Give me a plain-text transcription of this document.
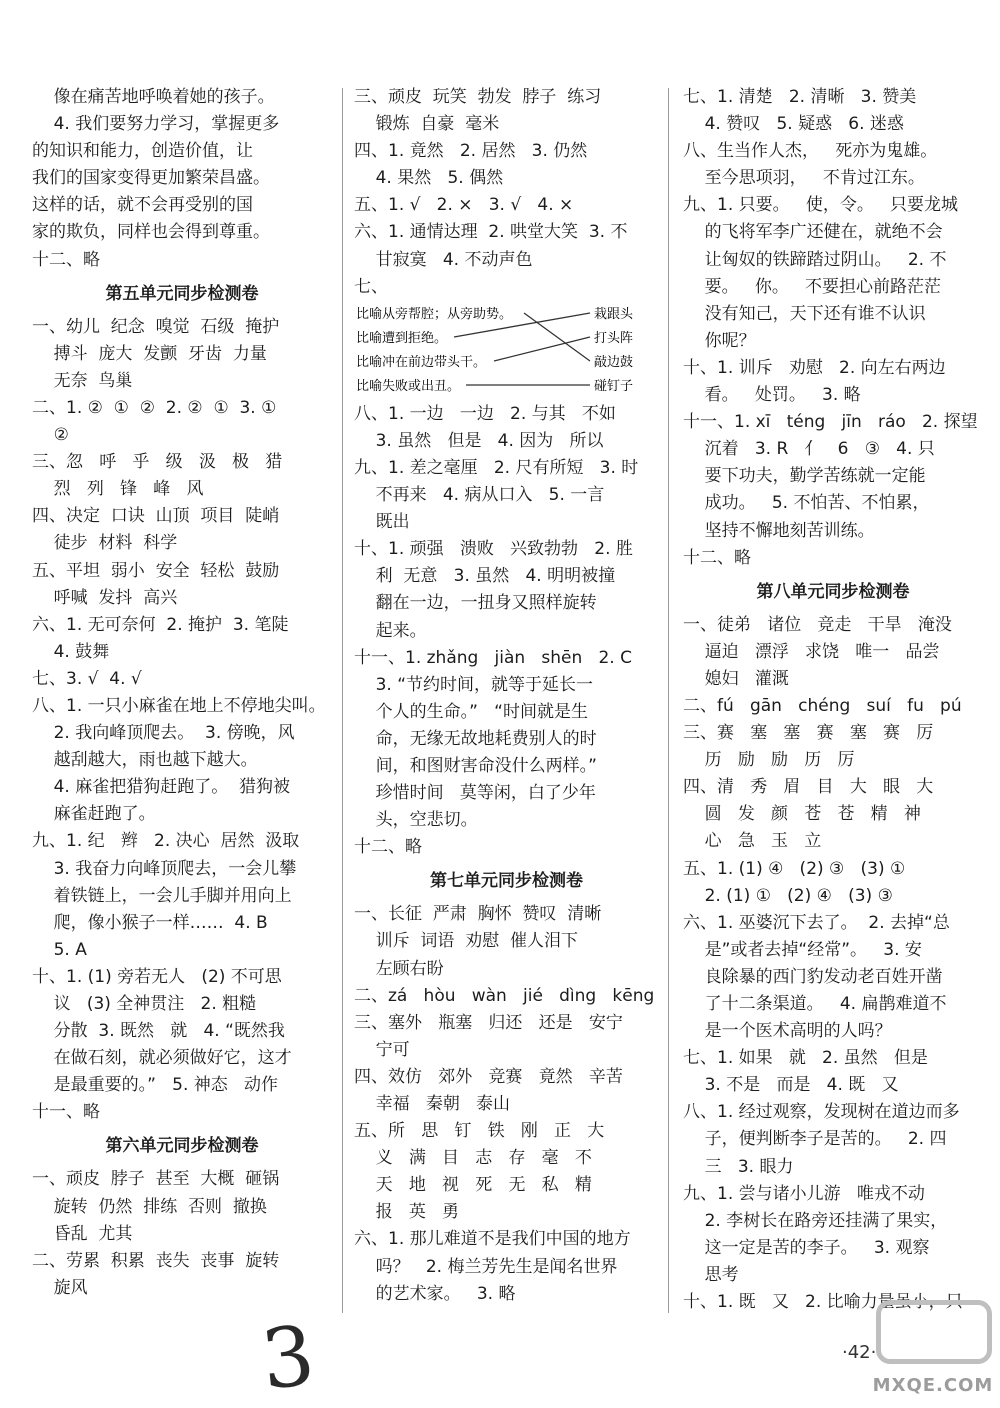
像在痛苦地呼唤着她的孩子。
4. 我们要努力学习，掌握更多
的知识和能力，创造价值，让
我们的国家变得更加繁荣昌盛。
这样的话，就不会再受别的国
家的欺负，同样也会得到尊重。
十二、略
第五单元同步检测卷
一、幼儿  纪念  嗅觉  石级  掩护
搏斗  庞大  发颤  牙齿  力量
无奈  鸟巢
二、1. ②  ①  ②  2. ②  ①  3. ①
②
三、忽   呼   乎   级   汲   极   猎
烈   列   锋   峰   风
四、决定  口诀  山顶  项目  陡峭
徒步  材料  科学
五、平坦  弱小  安全  轻松  鼓励
呼喊  发抖  高兴
六、1. 无可奈何  2. 掩护  3. 笔陡
4. 鼓舞
七、3. √  4. √
八、1. 一只小麻雀在地上不停地尖叫。
2. 我向峰顶爬去。  3. 傍晚，风
越刮越大，雨也越下越大。
4. 麻雀把猎狗赶跑了。  猎狗被
麻雀赶跑了。
九、1. 纪   辫   2. 决心  居然  汲取
3. 我奋力向峰顶爬去，一会儿攀
着铁链上，一会儿手脚并用向上
爬，像小猴子一样……  4. B
5. A
十、1. (1) 旁若无人   (2) 不可思
议   (3) 全神贯注   2. 粗糙
分散  3. 既然   就   4. “既然我
在做石刻，就必须做好它，这才
是最重要的。”   5. 神态   动作
十一、略
第六单元同步检测卷
一、顽皮  脖子  甚至  大概  砸锅
旋转  仍然  排练  否则  撤换
昏乱  尤其
二、劳累  积累  丧失  丧事  旋转
旋风
三、顽皮  玩笑  勃发  脖子  练习
锻炼  自豪  毫米
四、1. 竟然   2. 居然   3. 仍然
4. 果然   5. 偶然
五、1. √   2. ×   3. √   4. ×
六、1. 通情达理  2. 哄堂大笑  3. 不
甘寂寞   4. 不动声色
七、
比喻从旁帮腔；从旁助势。
比喻遭到拒绝。
比喻冲在前边带头干。
比喻失败或出丑。
栽跟头
打头阵
敲边鼓
碰钉子
八、1. 一边   一边   2. 与其   不如
3. 虽然   但是   4. 因为   所以
九、1. 差之毫厘   2. 尺有所短   3. 时
不再来   4. 病从口入   5. 一言
既出
十、1. 顽强   溃败   兴致勃勃   2. 胜
利  无意   3. 虽然   4. 明明被撞
翻在一边，一扭身又照样旋转
起来。
十一、1. zhǎng   jiàn   shēn   2. C
3. “节约时间，就等于延长一
个人的生命。”   “时间就是生
命，无缘无故地耗费别人的时
间，和图财害命没什么两样。”
珍惜时间   莫等闲，白了少年
头，空悲切。
十二、略
第七单元同步检测卷
一、长征  严肃  胸怀  赞叹  清晰
训斥  词语  劝慰  催人泪下
左顾右盼
二、zá   hòu   wàn   jié   dìng   kēng
三、塞外   瓶塞   归还   还是   安宁
宁可
四、效仿   郊外   竞赛   竟然   辛苦
幸福   秦朝   泰山
五、所   思   钉   铁   刚   正   大
义   满   目   志   存   毫   不
天   地   视   死   无   私   精
报   英   勇
六、1. 那儿难道不是我们中国的地方
吗？   2. 梅兰芳先生是闻名世界
的艺术家。   3. 略
七、1. 清楚   2. 清晰   3. 赞美
4. 赞叹   5. 疑惑   6. 迷惑
八、生当作人杰，   死亦为鬼雄。
至今思项羽，   不肯过江东。
九、1. 只要。   使，令。   只要龙城
的飞将军李广还健在，就绝不会
让匈奴的铁蹄踏过阴山。   2. 不
要。   你。   不要担心前路茫茫
没有知己，天下还有谁不认识
你呢？
十、1. 训斥   劝慰   2. 向左右两边
看。   处罚。   3. 略
十一、1. xī   téng   jīn   ráo   2. 探望
沉着   3. R   亻   6   ③   4. 只
要下功夫，勤学苦练就一定能
成功。   5. 不怕苦、不怕累，
坚持不懈地刻苦训练。
十二、略
第八单元同步检测卷
一、徒弟   诸位   竞走   干旱   淹没
逼迫   漂浮   求饶   唯一   品尝
媳妇   灌溉
二、fú   gān   chéng   suí   fu   pú
三、赛   塞   塞   赛   塞   赛   厉
历   励   励   历   厉
四、清   秀   眉   目   大   眼   大
圆   发   颜   苍   苍   精   神
心   急   玉   立
五、1. (1) ④   (2) ③   (3) ①
2. (1) ①   (2) ④   (3) ③
六、1. 巫婆沉下去了。  2. 去掉“总
是”或者去掉“经常”。   3. 安
良除暴的西门豹发动老百姓开凿
了十二条渠道。   4. 扁鹊难道不
是一个医术高明的人吗？
七、1. 如果   就   2. 虽然   但是
3. 不是   而是   4. 既   又
八、1. 经过观察，发现树在道边而多
子，便判断李子是苦的。   2. 四
三   3. 眼力
九、1. 尝与诸小儿游   唯戎不动
2. 李树长在路旁还挂满了果实，
这一定是苦的李子。   3. 观察
思考
十、1. 既   又   2. 比喻力量虽小，只
3	·42·
MXQE.COM
